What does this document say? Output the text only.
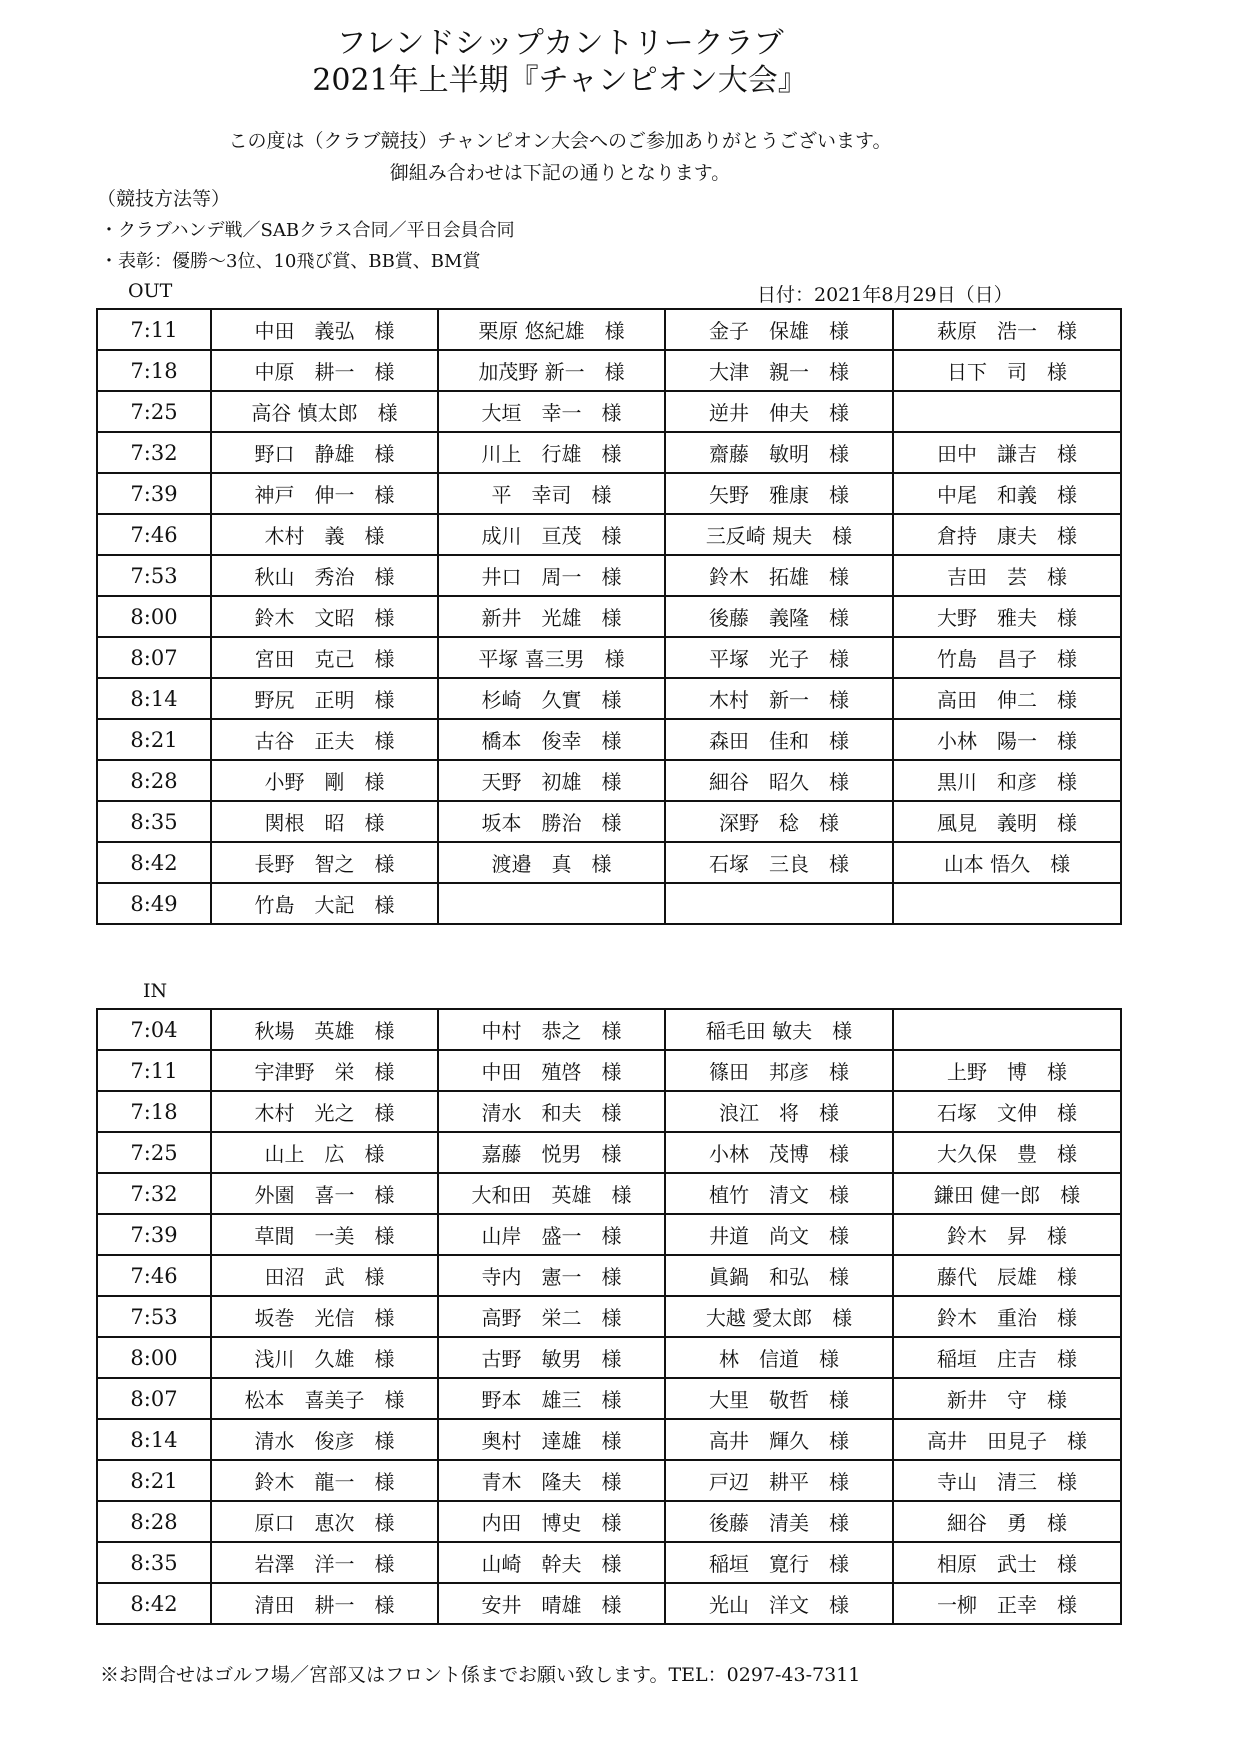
フレンドシップカントリークラブ
2021年上半期『チャンピオン大会』
この度は（クラブ競技）チャンピオン大会へのご参加ありがとうございます。
御組み合わせは下記の通りとなります。
（競技方法等）
・クラブハンデ戦／SABクラス合同／平日会員合同
・表彰：優勝～3位、10飛び賞、BB賞、BM賞
OUT	日付：2021年8月29日（日）
7:11	中田　義弘　様	栗原 悠紀雄　様	金子　保雄　様	萩原　浩一　様
7:18	中原　耕一　様	加茂野 新一　様	大津　親一　様	日下　司　様
7:25	高谷 慎太郎　様	大垣　幸一　様	逆井　伸夫　様	
7:32	野口　静雄　様	川上　行雄　様	齋藤　敏明　様	田中　謙吉　様
7:39	神戸　伸一　様	平　幸司　様	矢野　雅康　様	中尾　和義　様
7:46	木村　義　様	成川　亘茂　様	三反崎 規夫　様	倉持　康夫　様
7:53	秋山　秀治　様	井口　周一　様	鈴木　拓雄　様	吉田　芸　様
8:00	鈴木　文昭　様	新井　光雄　様	後藤　義隆　様	大野　雅夫　様
8:07	宮田　克己　様	平塚 喜三男　様	平塚　光子　様	竹島　昌子　様
8:14	野尻　正明　様	杉崎　久實　様	木村　新一　様	高田　伸二　様
8:21	古谷　正夫　様	橋本　俊幸　様	森田　佳和　様	小林　陽一　様
8:28	小野　剛　様	天野　初雄　様	細谷　昭久　様	黒川　和彦　様
8:35	関根　昭　様	坂本　勝治　様	深野　稔　様	風見　義明　様
8:42	長野　智之　様	渡邉　真　様	石塚　三良　様	山本 悟久　様
8:49	竹島　大記　様			
IN
7:04	秋場　英雄　様	中村　恭之　様	稲毛田 敏夫　様	
7:11	宇津野　栄　様	中田　殖啓　様	篠田　邦彦　様	上野　博　様
7:18	木村　光之　様	清水　和夫　様	浪江　将　様	石塚　文伸　様
7:25	山上　広　様	嘉藤　悦男　様	小林　茂博　様	大久保　豊　様
7:32	外園　喜一　様	大和田　英雄　様	植竹　清文　様	鎌田 健一郎　様
7:39	草間　一美　様	山岸　盛一　様	井道　尚文　様	鈴木　昇　様
7:46	田沼　武　様	寺内　憲一　様	眞鍋　和弘　様	藤代　辰雄　様
7:53	坂巻　光信　様	高野　栄二　様	大越 愛太郎　様	鈴木　重治　様
8:00	浅川　久雄　様	古野　敏男　様	林　信道　様	稲垣　庄吉　様
8:07	松本　喜美子　様	野本　雄三　様	大里　敬哲　様	新井　守　様
8:14	清水　俊彦　様	奥村　達雄　様	高井　輝久　様	高井　田見子　様
8:21	鈴木　龍一　様	青木　隆夫　様	戸辺　耕平　様	寺山　清三　様
8:28	原口　恵次　様	内田　博史　様	後藤　清美　様	細谷　勇　様
8:35	岩澤　洋一　様	山崎　幹夫　様	稲垣　寛行　様	相原　武士　様
8:42	清田　耕一　様	安井　晴雄　様	光山　洋文　様	一柳　正幸　様
※お問合せはゴルフ場／宮部又はフロント係までお願い致します。TEL：0297-43-7311
